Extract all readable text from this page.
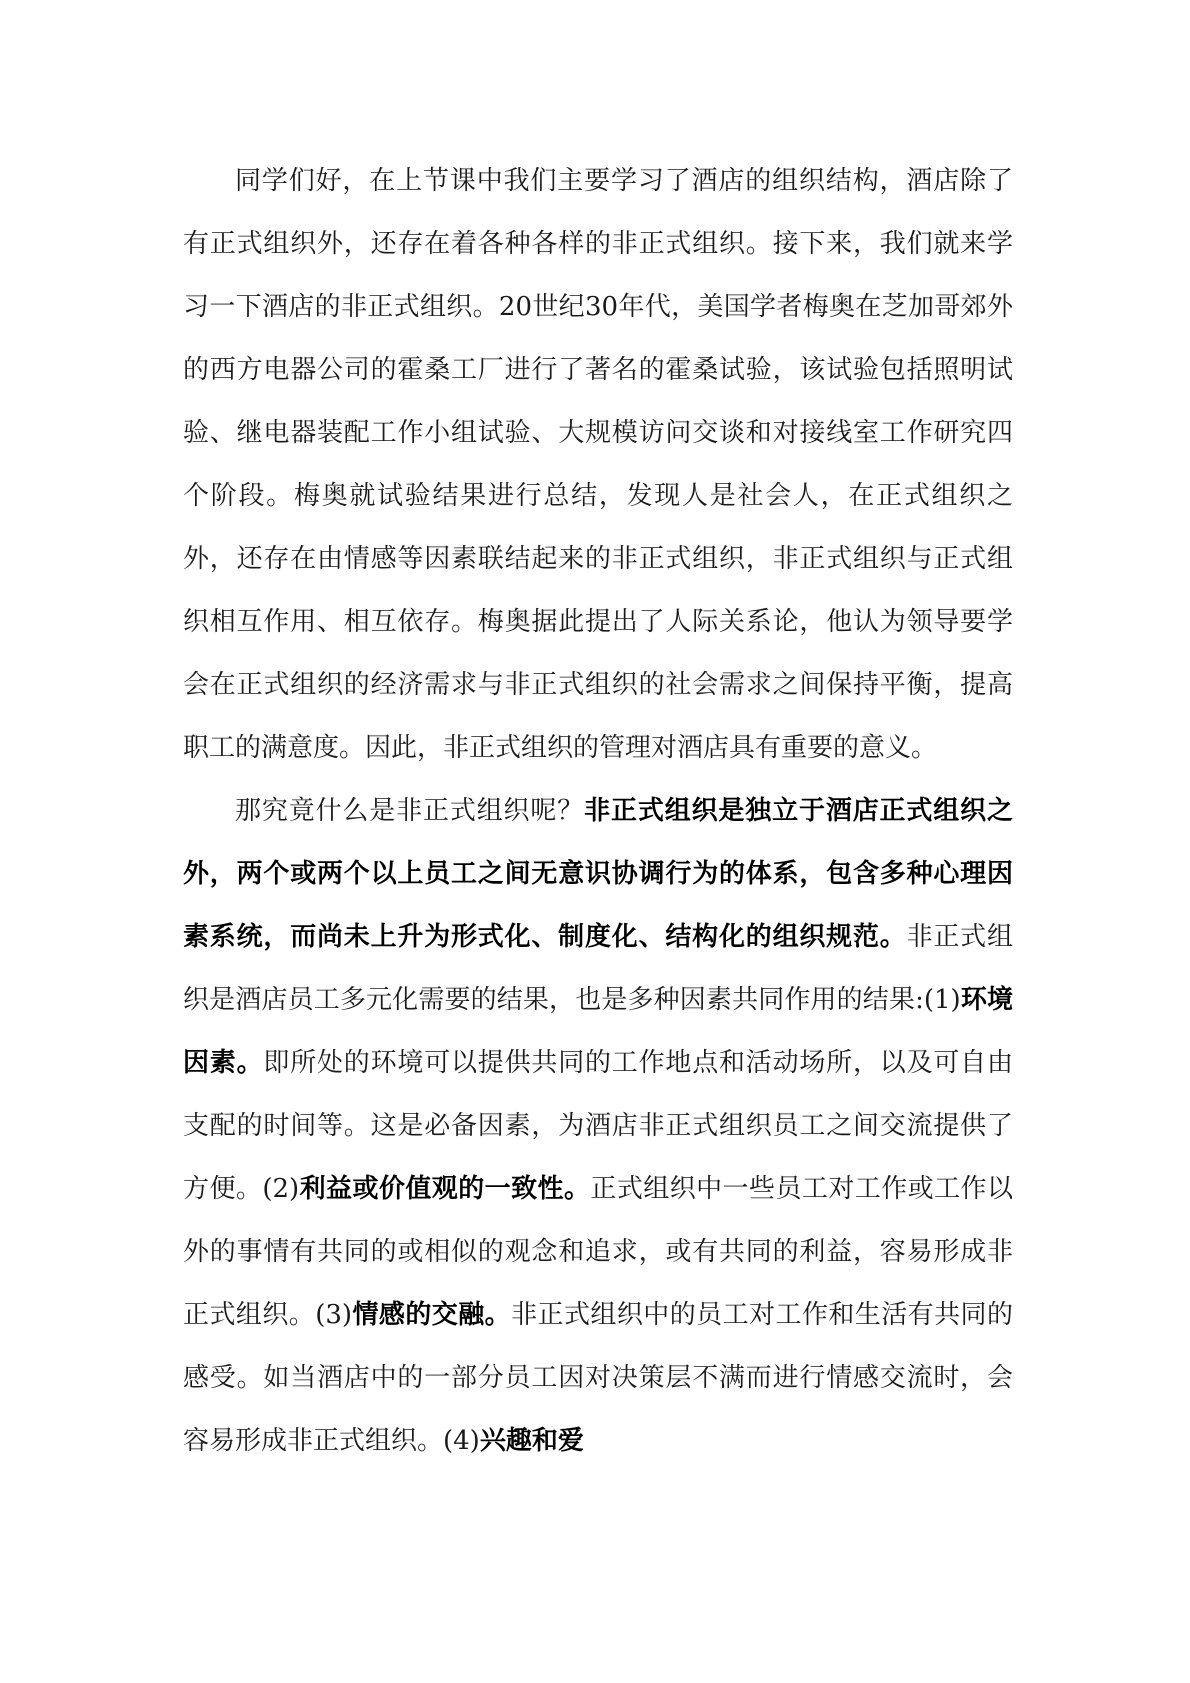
同学们好，在上节课中我们主要学习了酒店的组织结构，酒店除了有正式组织外，还存在着各种各样的非正式组织。接下来，我们就来学习一下酒店的非正式组织。20世纪30年代，美国学者梅奥在芝加哥郊外的西方电器公司的霍桑工厂进行了著名的霍桑试验，该试验包括照明试验、继电器装配工作小组试验、大规模访问交谈和对接线室工作研究四个阶段。梅奥就试验结果进行总结，发现人是社会人，在正式组织之外，还存在由情感等因素联结起来的非正式组织，非正式组织与正式组织相互作用、相互依存。梅奥据此提出了人际关系论，他认为领导要学会在正式组织的经济需求与非正式组织的社会需求之间保持平衡，提高职工的满意度。因此，非正式组织的管理对酒店具有重要的意义。

那究竟什么是非正式组织呢？非正式组织是独立于酒店正式组织之外，两个或两个以上员工之间无意识协调行为的体系，包含多种心理因素系统，而尚未上升为形式化、制度化、结构化的组织规范。非正式组织是酒店员工多元化需要的结果，也是多种因素共同作用的结果:(1)环境因素。即所处的环境可以提供共同的工作地点和活动场所，以及可自由支配的时间等。这是必备因素，为酒店非正式组织员工之间交流提供了方便。(2)利益或价值观的一致性。正式组织中一些员工对工作或工作以外的事情有共同的或相似的观念和追求，或有共同的利益，容易形成非正式组织。(3)情感的交融。非正式组织中的员工对工作和生活有共同的感受。如当酒店中的一部分员工因对决策层不满而进行情感交流时，会容易形成非正式组织。(4)兴趣和爱
